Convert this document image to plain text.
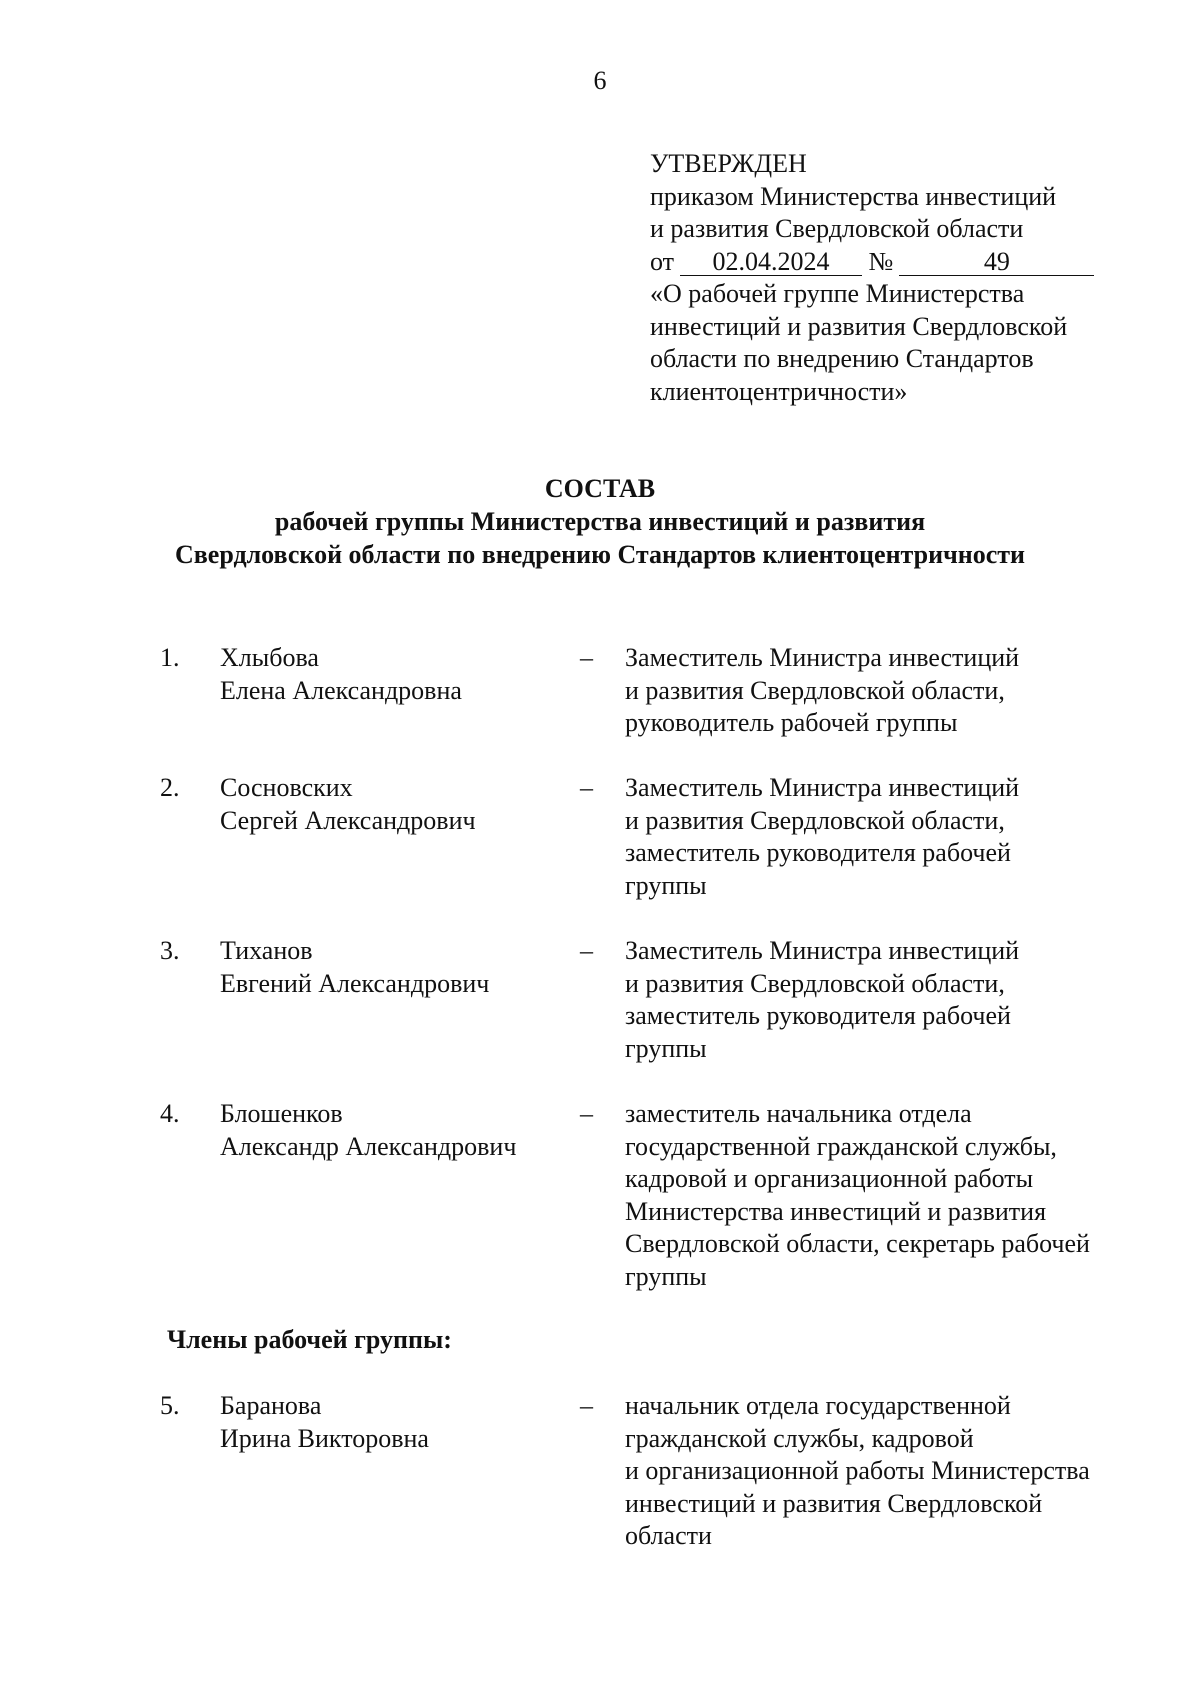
6
УТВЕРЖДЕН
приказом Министерства инвестиций
и развития Свердловской области
от 02.04.2024 №	49
«О рабочей группе Министерства
инвестиций и развития Свердловской
области по внедрению Стандартов
клиентоцентричности»
СОСТАВ
рабочей группы Министерства инвестиций и развития
Свердловской области по внедрению Стандартов клиентоцентричности
1. Хлыбова
Елена Александровна
– Заместитель Министра инвестиций
и развития Свердловской области,
руководитель рабочей группы
2. Сосновских
Сергей Александрович
– Заместитель Министра инвестиций
и развития Свердловской области,
заместитель руководителя рабочей
группы
3. Тиханов
Евгений Александрович
– Заместитель Министра инвестиций
и развития Свердловской области,
заместитель руководителя рабочей
группы
4. Блошенков
Александр Александрович
– заместитель начальника отдела
государственной гражданской службы,
кадровой и организационной работы
Министерства инвестиций и развития
Свердловской области, секретарь рабочей
группы
Члены рабочей группы:
5. Баранова
Ирина Викторовна
– начальник отдела государственной
гражданской службы, кадровой
и организационной работы Министерства
инвестиций и развития Свердловской
области
